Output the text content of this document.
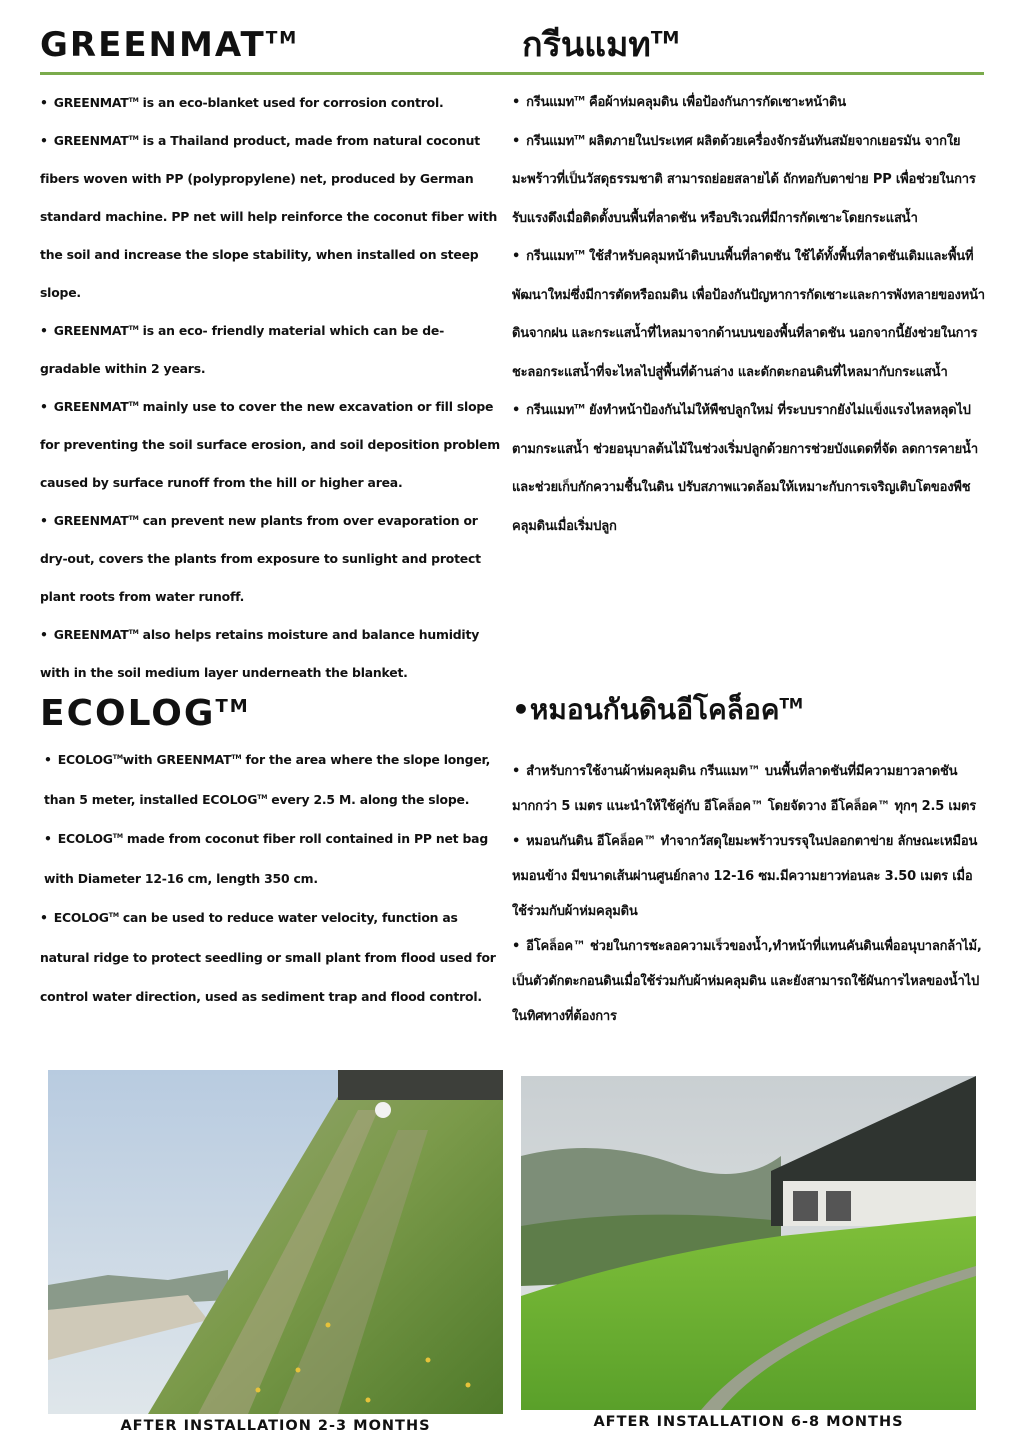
GREENMAT™	กรีนแมท™

• GREENMAT™ is an eco-blanket used for corrosion control.

• GREENMAT™ is a Thailand product, made from natural coconut fibers woven with PP (polypropylene) net, produced by German standard machine. PP net will help reinforce the coconut fiber with the soil and increase the slope stability, when installed on steep slope.

• GREENMAT™ is an eco- friendly material which can be de-gradable within 2 years.

• GREENMAT™ mainly use to cover the new excavation or fill slope for preventing the soil surface erosion, and soil deposition problem caused by surface runoff from the hill or higher area.

• GREENMAT™ can prevent new plants from over evaporation or dry-out, covers the plants from exposure to sunlight and protect plant roots from water runoff.

• GREENMAT™ also helps retains moisture and balance humidity with in the soil medium layer underneath the blanket.

• กรีนแมท™ คือผ้าห่มคลุมดิน เพื่อป้องกันการกัดเซาะหน้าดิน

• กรีนแมท™ ผลิตภายในประเทศ ผลิตด้วยเครื่องจักรอันทันสมัยจากเยอรมัน จากใยมะพร้าวที่เป็นวัสดุธรรมชาติ สามารถย่อยสลายได้ ถักทอกับตาข่าย PP เพื่อช่วยในการรับแรงดึงเมื่อติดตั้งบนพื้นที่ลาดชัน หรือบริเวณที่มีการกัดเซาะโดยกระแสน้ำ

• กรีนแมท™ ใช้สำหรับคลุมหน้าดินบนพื้นที่ลาดชัน ใช้ได้ทั้งพื้นที่ลาดชันเดิมและพื้นที่พัฒนาใหม่ซึ่งมีการตัดหรือถมดิน เพื่อป้องกันปัญหาการกัดเซาะและการพังทลายของหน้าดินจากฝน และกระแสน้ำที่ไหลมาจากด้านบนของพื้นที่ลาดชัน นอกจากนี้ยังช่วยในการชะลอกระแสน้ำที่จะไหลไปสู่พื้นที่ด้านล่าง และดักตะกอนดินที่ไหลมากับกระแสน้ำ

• กรีนแมท™ ยังทำหน้าป้องกันไม่ให้พืชปลูกใหม่ ที่ระบบรากยังไม่แข็งแรงไหลหลุดไปตามกระแสน้ำ ช่วยอนุบาลต้นไม้ในช่วงเริ่มปลูกด้วยการช่วยบังแดดที่จัด ลดการคายน้ำ และช่วยเก็บกักความชื้นในดิน ปรับสภาพแวดล้อมให้เหมาะกับการเจริญเติบโตของพืชคลุมดินเมื่อเริ่มปลูก

ECOLOG™	•หมอนกันดินอีโคล็อค™

• ECOLOG™with GREENMAT™ for the area where the slope longer, than 5 meter, installed ECOLOG™ every 2.5 M. along the slope.

• ECOLOG™ made from coconut fiber roll contained in PP net bag with Diameter 12-16 cm, length 350 cm.

• ECOLOG™ can be used to reduce water velocity, function as natural ridge to protect seedling or small plant from flood used for control water direction, used as sediment trap and flood control.

• สำหรับการใช้งานผ้าห่มคลุมดิน กรีนแมท™ บนพื้นที่ลาดชันที่มีความยาวลาดชันมากกว่า 5 เมตร แนะนำให้ใช้คู่กับ อีโคล็อค™ โดยจัดวาง อีโคล็อค™ ทุกๆ 2.5 เมตร

• หมอนกันดิน อีโคล็อค™ ทำจากวัสดุใยมะพร้าวบรรจุในปลอกตาข่าย ลักษณะเหมือนหมอนข้าง มีขนาดเส้นผ่านศูนย์กลาง 12-16 ซม.มีความยาวท่อนละ 3.50 เมตร เมื่อใช้ร่วมกับผ้าห่มคลุมดิน

• อีโคล็อค™ ช่วยในการชะลอความเร็วของน้ำ,ทำหน้าที่แทนคันดินเพื่ออนุบาลกล้าไม้, เป็นตัวดักตะกอนดินเมื่อใช้ร่วมกับผ้าห่มคลุมดิน และยังสามารถใช้ผันการไหลของน้ำไปในทิศทางที่ต้องการ

AFTER INSTALLATION 2-3 MONTHS	AFTER INSTALLATION 6-8 MONTHS
